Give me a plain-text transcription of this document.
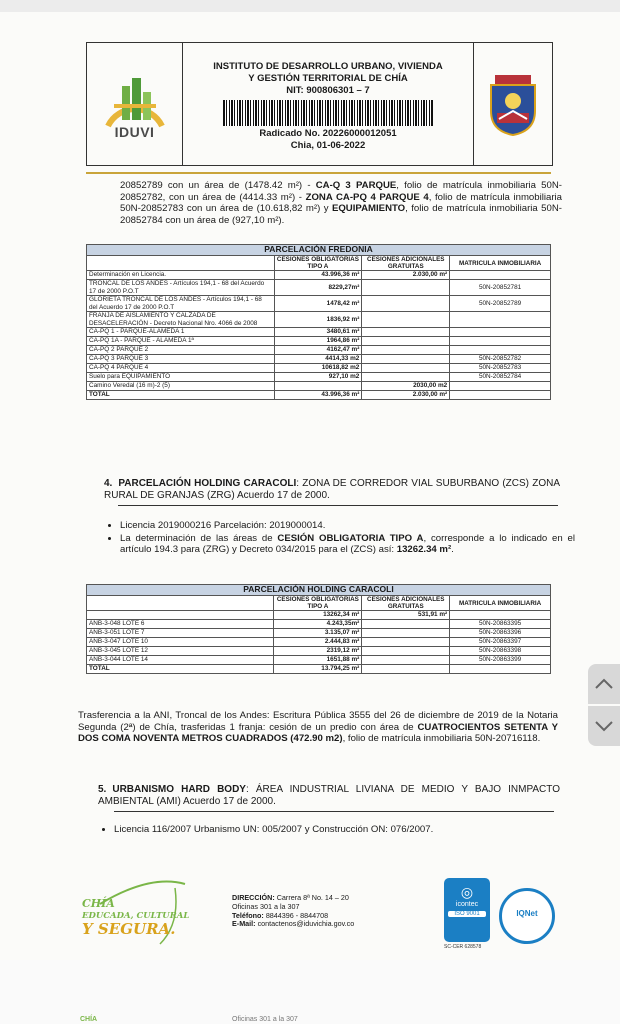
IDUVI
INSTITUTO DE DESARROLLO URBANO, VIVIENDA
Y GESTIÓN TERRITORIAL DE CHÍA
NIT: 900806301 – 7
Radicado No. 20226000012051
Chia, 01-06-2022
20852789 con un área de (1478.42 m²) - CA-Q 3 PARQUE, folio de matrícula inmobiliaria 50N-20852782, con un área de (4414.33 m²) - ZONA CA-PQ 4 PARQUE 4, folio de matrícula inmobiliaria 50N-20852783 con un área de (10.618,82 m²) y EQUIPAMIENTO, folio de matrícula inmobiliaria 50N-20852784 con un área de (927,10 m²).
PARCELACIÓN FREDONIA			
	CESIONES OBLIGATORIAS TIPO A	CESIONES ADICIONALES GRATUITAS	MATRICULA INMOBILIARIA
Determinación en Licencia.	43.996,36 m²	2.030,00 m²	
TRONCAL DE LOS ANDES - Artículos 194,1 - 68 del Acuerdo 17 de 2000 P.O.T	8229,27m²		50N-20852781
GLORIETA TRONCAL DE LOS ANDES - Artículos 194,1 - 68 del Acuerdo 17 de 2000 P.O.T	1478,42 m²		50N-20852789
FRANJA DE AISLAMIENTO Y CALZADA DE DESACELERACIÓN - Decreto Nacional Nro. 4066 de 2008	1836,92 m²		
CA-PQ 1 - PARQUE-ALAMEDA 1	3480,61 m²		
CA-PQ 1A - PARQUE - ALAMEDA 1ª	1964,86 m²		
CA-PQ 2 PARQUE 2	4162,47 m²		
CA-PQ 3 PARQUE 3	4414,33 m2		50N-20852782
CA-PQ 4 PARQUE 4	10618,82 m2		50N-20852783
Suelo para EQUIPAMIENTO	927,10 m2		50N-20852784
Camino Veredal (16 m)-2 (5)		2030,00 m2	
TOTAL	43.996,36 m²	2.030,00 m²	
4. PARCELACIÓN HOLDING CARACOLI: ZONA DE CORREDOR VIAL SUBURBANO (ZCS) ZONA RURAL DE GRANJAS (ZRG) Acuerdo 17 de 2000.
• Licencia 2019000216 Parcelación: 2019000014.
• La determinación de las áreas de CESIÓN OBLIGATORIA TIPO A, corresponde a lo indicado en el artículo 194.3 para (ZRG) y Decreto 034/2015 para el (ZCS) así: 13262.34 m².
PARCELACIÓN HOLDING CARACOLI			
	CESIONES OBLIGATORIAS TIPO A	CESIONES ADICIONALES GRATUITAS	MATRICULA INMOBILIARIA
	13262,34 m²	531,91 m²	
ANB-3-048 LOTE 6	4.243,35m²		50N-20863395
ANB-3-051 LOTE 7	3.135,07 m²		50N-20863396
ANB-3-047 LOTE 10	2.444,83 m²		50N-20863397
ANB-3-045 LOTE 12	2319,12 m²		50N-20863398
ANB-3-044 LOTE 14	1651,88 m²		50N-20863399
TOTAL	13.794,25 m²		
Trasferencia a la ANI, Troncal de los Andes: Escritura Pública 3555 del 26 de diciembre de 2019 de la Notaria Segunda (2ª) de Chía, trasferidas 1 franja: cesión de un predio con área de CUATROCIENTOS SETENTA Y DOS COMA NOVENTA METROS CUADRADOS (472.90 m2), folio de matrícula inmobiliaria 50N-20716118.
5. URBANISMO HARD BODY: ÁREA INDUSTRIAL LIVIANA DE MEDIO Y BAJO INMPACTO AMBIENTAL (AMI) Acuerdo 17 de 2000.
• Licencia 116/2007 Urbanismo UN: 005/2007 y Construcción ON: 076/2007.
CHÍA
EDUCADA, CULTURAL
Y SEGURA.
DIRECCIÓN: Carrera 8ª No. 14 – 20
Oficinas 301 a la 307
Teléfono: 8844396 - 8844708
E-Mail: contactenos@iduvichia.gov.co
◎
icontec
ISO 9001
SC-CER 628578
IQNet
CHÍA	Oficinas 301 a la 307
